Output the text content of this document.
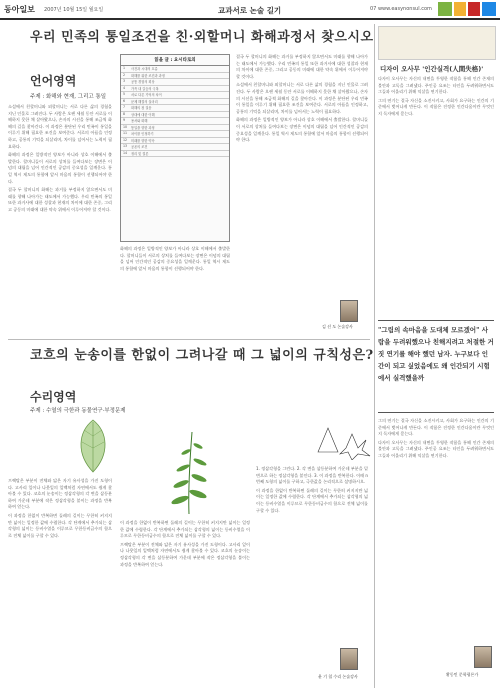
동아일보 2007년 10월 15일 월요일	교과서로 논술 길기	07 www.easynonsul.com
우리 민족의 통일조건을 친·외할머니 화해과정서 찾으시오
언어영역
주제 : 화해와 현재, 그리고 통일

소설에서 친할머니와 외할머니는 서로 다른 삶의 경험을 지닌 인물로 그려진다. 두 사람은 오랜 세월 동안 서로를 이해하지 못한 채 살아왔으나, 손자의 시선을 통해 조금씩 화해의 길을 찾아간다. 이 과정은 분단된 우리 민족이 통일을 이루기 위해 필요한 조건을 보여준다. 서로의 아픔을 인정하고, 공통의 기억을 되살리며, 차이를 넘어서는 노력이 필요하다.

화해의 과정은 일방적인 양보가 아니라 상호 이해에서 출발한다. 할머니들이 서로의 상처를 들여다보는 장면은 이념의 대립을 넘어 인간적인 공감의 중요성을 일깨운다. 통일 역시 제도의 통합에 앞서 마음의 통합이 선행되어야 한다.

결국 두 할머니의 화해는 과거를 부정하지 않으면서도 미래를 향해 나아가는 태도에서 가능했다. 우리 민족의 통일 또한 과거사에 대한 성찰과 현재의 차이에 대한 존중, 그리고 공동의 미래에 대한 약속 위에서 이루어져야 할 것이다.

읽을 글 : 요시타로의
1	사건과 시대의 흐름
2	화해를 위한 조건과 과정
3	공통 경험의 회상
4	가족 내 갈등의 극복
5	서로 다른 기억의 차이
6	문제 해결의 실마리
7	화해의 첫 걸음
8	상대에 대한 이해
9	용서와 화해
10	통일을 향한 과정
11	차이를 인정하기
12	미래를 향한 약속
13	공존의 조건
14	정리 및 결론

화해의 과정은 일방적인 양보가 아니라 상호 이해에서 출발한다. 할머니들이 서로의 상처를 들여다보는 장면은 이념의 대립을 넘어 인간적인 공감의 중요성을 일깨운다. 통일 역시 제도의 통합에 앞서 마음의 통합이 선행되어야 한다.

결국 두 할머니의 화해는 과거를 부정하지 않으면서도 미래를 향해 나아가는 태도에서 가능했다. 우리 민족의 통일 또한 과거사에 대한 성찰과 현재의 차이에 대한 존중, 그리고 공동의 미래에 대한 약속 위에서 이루어져야 할 것이다.

소설에서 친할머니와 외할머니는 서로 다른 삶의 경험을 지닌 인물로 그려진다. 두 사람은 오랜 세월 동안 서로를 이해하지 못한 채 살아왔으나, 손자의 시선을 통해 조금씩 화해의 길을 찾아간다. 이 과정은 분단된 우리 민족이 통일을 이루기 위해 필요한 조건을 보여준다. 서로의 아픔을 인정하고, 공통의 기억을 되살리며, 차이를 넘어서는 노력이 필요하다.

화해의 과정은 일방적인 양보가 아니라 상호 이해에서 출발한다. 할머니들이 서로의 상처를 들여다보는 장면은 이념의 대립을 넘어 인간적인 공감의 중요성을 일깨운다. 통일 역시 제도의 통합에 앞서 마음의 통합이 선행되어야 한다.

김 선 도 논술강사
코흐의 눈송이를 한없이 그려나갈 때 그 넓이의 규칙성은?
수리영역
주제 : 수열의 극한과 동물연구·부정문제

프랙탈은 부분이 전체와 닮은 자기 유사성을 가진 도형이다. 고사리 잎이나 나뭇잎의 잎맥처럼 자연에서도 쉽게 찾아볼 수 있다. 코흐의 눈송이는 정삼각형의 각 변을 삼등분하여 가운데 부분에 작은 정삼각형을 붙이는 과정을 반복하여 얻는다.

이 과정을 한없이 반복하면 둘레의 길이는 무한히 커지지만 넓이는 일정한 값에 수렴한다. 각 단계에서 추가되는 삼각형의 넓이는 등비수열을 이루므로 무한등비급수의 합으로 전체 넓이를 구할 수 있다.

이 과정을 한없이 반복하면 둘레의 길이는 무한히 커지지만 넓이는 일정한 값에 수렴한다. 각 단계에서 추가되는 삼각형의 넓이는 등비수열을 이루므로 무한등비급수의 합으로 전체 넓이를 구할 수 있다.

프랙탈은 부분이 전체와 닮은 자기 유사성을 가진 도형이다. 고사리 잎이나 나뭇잎의 잎맥처럼 자연에서도 쉽게 찾아볼 수 있다. 코흐의 눈송이는 정삼각형의 각 변을 삼등분하여 가운데 부분에 작은 정삼각형을 붙이는 과정을 반복하여 얻는다.

1. 정삼각형을 그린다. 2. 각 변을 삼등분하여 가운데 부분을 밑변으로 하는 정삼각형을 붙인다. 3. 이 과정을 반복한다. 이때 n번째 도형의 넓이를 구하고, 극한값을 논리적으로 설명하시오.

이 과정을 한없이 반복하면 둘레의 길이는 무한히 커지지만 넓이는 일정한 값에 수렴한다. 각 단계에서 추가되는 삼각형의 넓이는 등비수열을 이루므로 무한등비급수의 합으로 전체 넓이를 구할 수 있다.

윤 기 철 수리 논술강사
디자이 오사무 '인간실격(人間失格)'

다자이 오사무는 자신의 내면을 투영한 작품을 통해 인간 존재의 불안과 고독을 그려냈다. 주인공 요조는 타인을 두려워하면서도 그들과 어울리기 위해 익살을 연기한다.

그의 연기는 결국 자신을 소진시키고, 사회가 요구하는 인간의 기준에서 벗어나게 만든다. 이 작품은 진정한 인간다움이란 무엇인지 독자에게 묻는다.

"그림의 속마음을 도대체 모르겠어" 사람을 두려워했으나 친해지려고 처절한 거짓 연기를 해야 했던 남자. 누구보다 인간이 되고 싶었음에도 왜 인간되기 시험에서 실격했을까

그의 연기는 결국 자신을 소진시키고, 사회가 요구하는 인간의 기준에서 벗어나게 만든다. 이 작품은 진정한 인간다움이란 무엇인지 독자에게 묻는다.

다자이 오사무는 자신의 내면을 투영한 작품을 통해 인간 존재의 불안과 고독을 그려냈다. 주인공 요조는 타인을 두려워하면서도 그들과 어울리기 위해 익살을 연기한다.

황동민 문학평론가
